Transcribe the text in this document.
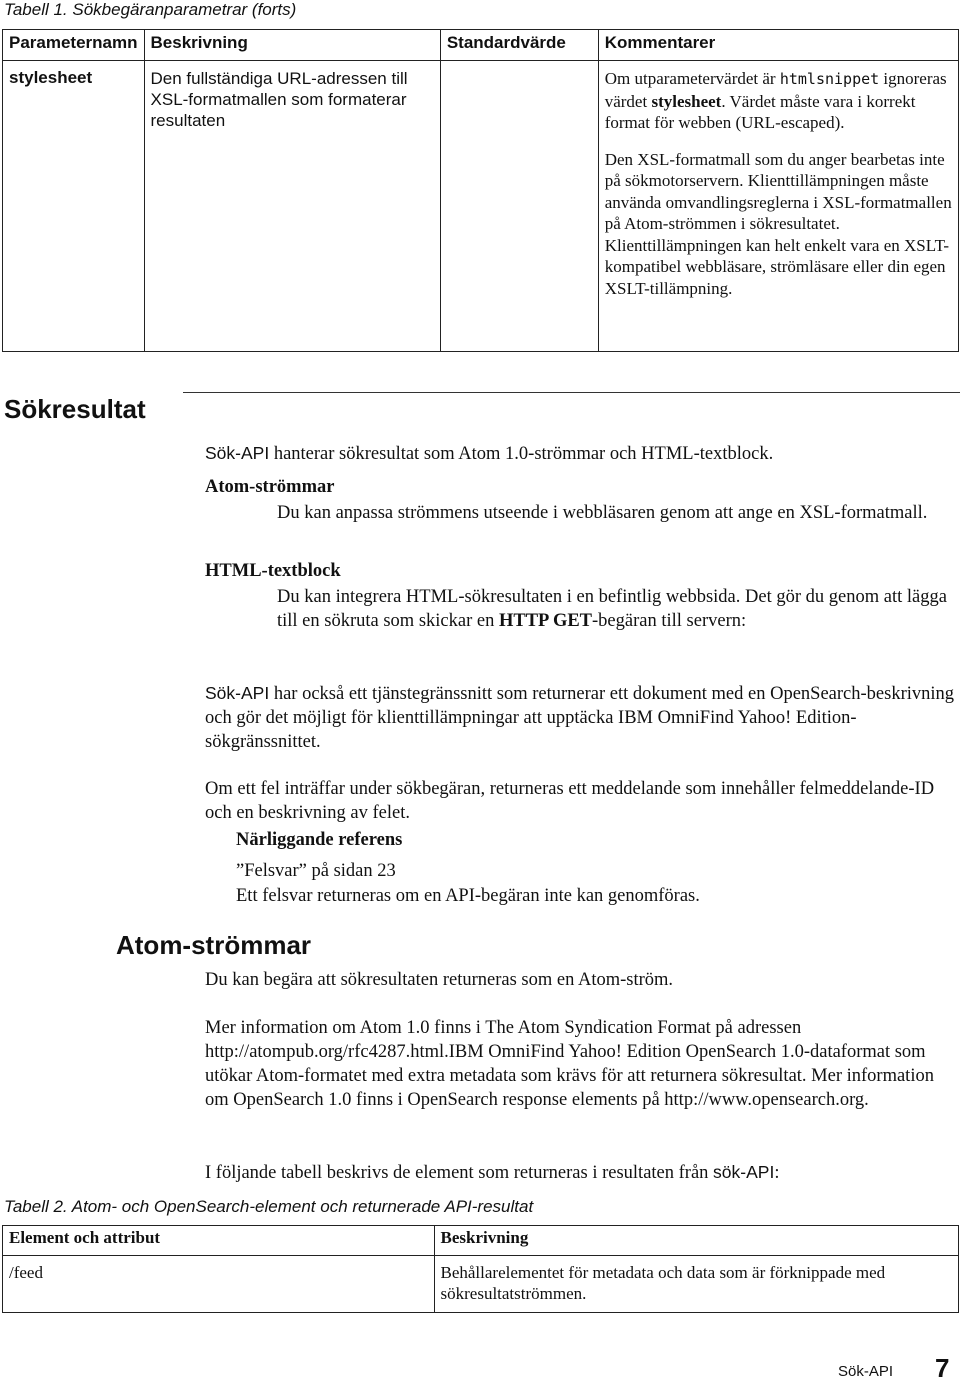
Tabell 1. Sökbegäranparametrar (forts)
Parameternamn	Beskrivning	Standardvärde	Kommentarer
stylesheet	Den fullständiga URL-adressen till XSL-formatmallen som formaterar resultaten		Om utparametervärdet är htmlsnippet ignoreras värdet stylesheet. Värdet måste vara i korrekt format för webben (URL-escaped).

Den XSL-formatmall som du anger bearbetas inte på sökmotorservern. Klienttillämpningen måste använda omvandlingsreglerna i XSL-formatmallen på Atom-strömmen i sökresultatet. Klienttillämpningen kan helt enkelt vara en XSLT-kompatibel webbläsare, strömläsare eller din egen XSLT-tillämpning.

Sökresultat
Sök-API hanterar sökresultat som Atom 1.0-strömmar och HTML-textblock.
Atom-strömmar
Du kan anpassa strömmens utseende i webbläsaren genom att ange en XSL-formatmall.
HTML-textblock
Du kan integrera HTML-sökresultaten i en befintlig webbsida. Det gör du genom att lägga till en sökruta som skickar en HTTP GET-begäran till servern:
Sök-API har också ett tjänstegränssnitt som returnerar ett dokument med en OpenSearch-beskrivning och gör det möjligt för klienttillämpningar att upptäcka IBM OmniFind Yahoo! Edition-sökgränssnittet.
Om ett fel inträffar under sökbegäran, returneras ett meddelande som innehåller felmeddelande-ID och en beskrivning av felet.
Närliggande referens
”Felsvar” på sidan 23
Ett felsvar returneras om en API-begäran inte kan genomföras.
Atom-strömmar
Du kan begära att sökresultaten returneras som en Atom-ström.
Mer information om Atom 1.0 finns i The Atom Syndication Format på adressen http://atompub.org/rfc4287.html.IBM OmniFind Yahoo! Edition OpenSearch 1.0-dataformat som utökar Atom-formatet med extra metadata som krävs för att returnera sökresultat. Mer information om OpenSearch 1.0 finns i OpenSearch response elements på http://www.opensearch.org.
I följande tabell beskrivs de element som returneras i resultaten från sök-API:
Tabell 2. Atom- och OpenSearch-element och returnerade API-resultat
Element och attribut	Beskrivning
/feed	Behållarelementet för metadata och data som är förknippade med sökresultatströmmen.
Sök-API 7
